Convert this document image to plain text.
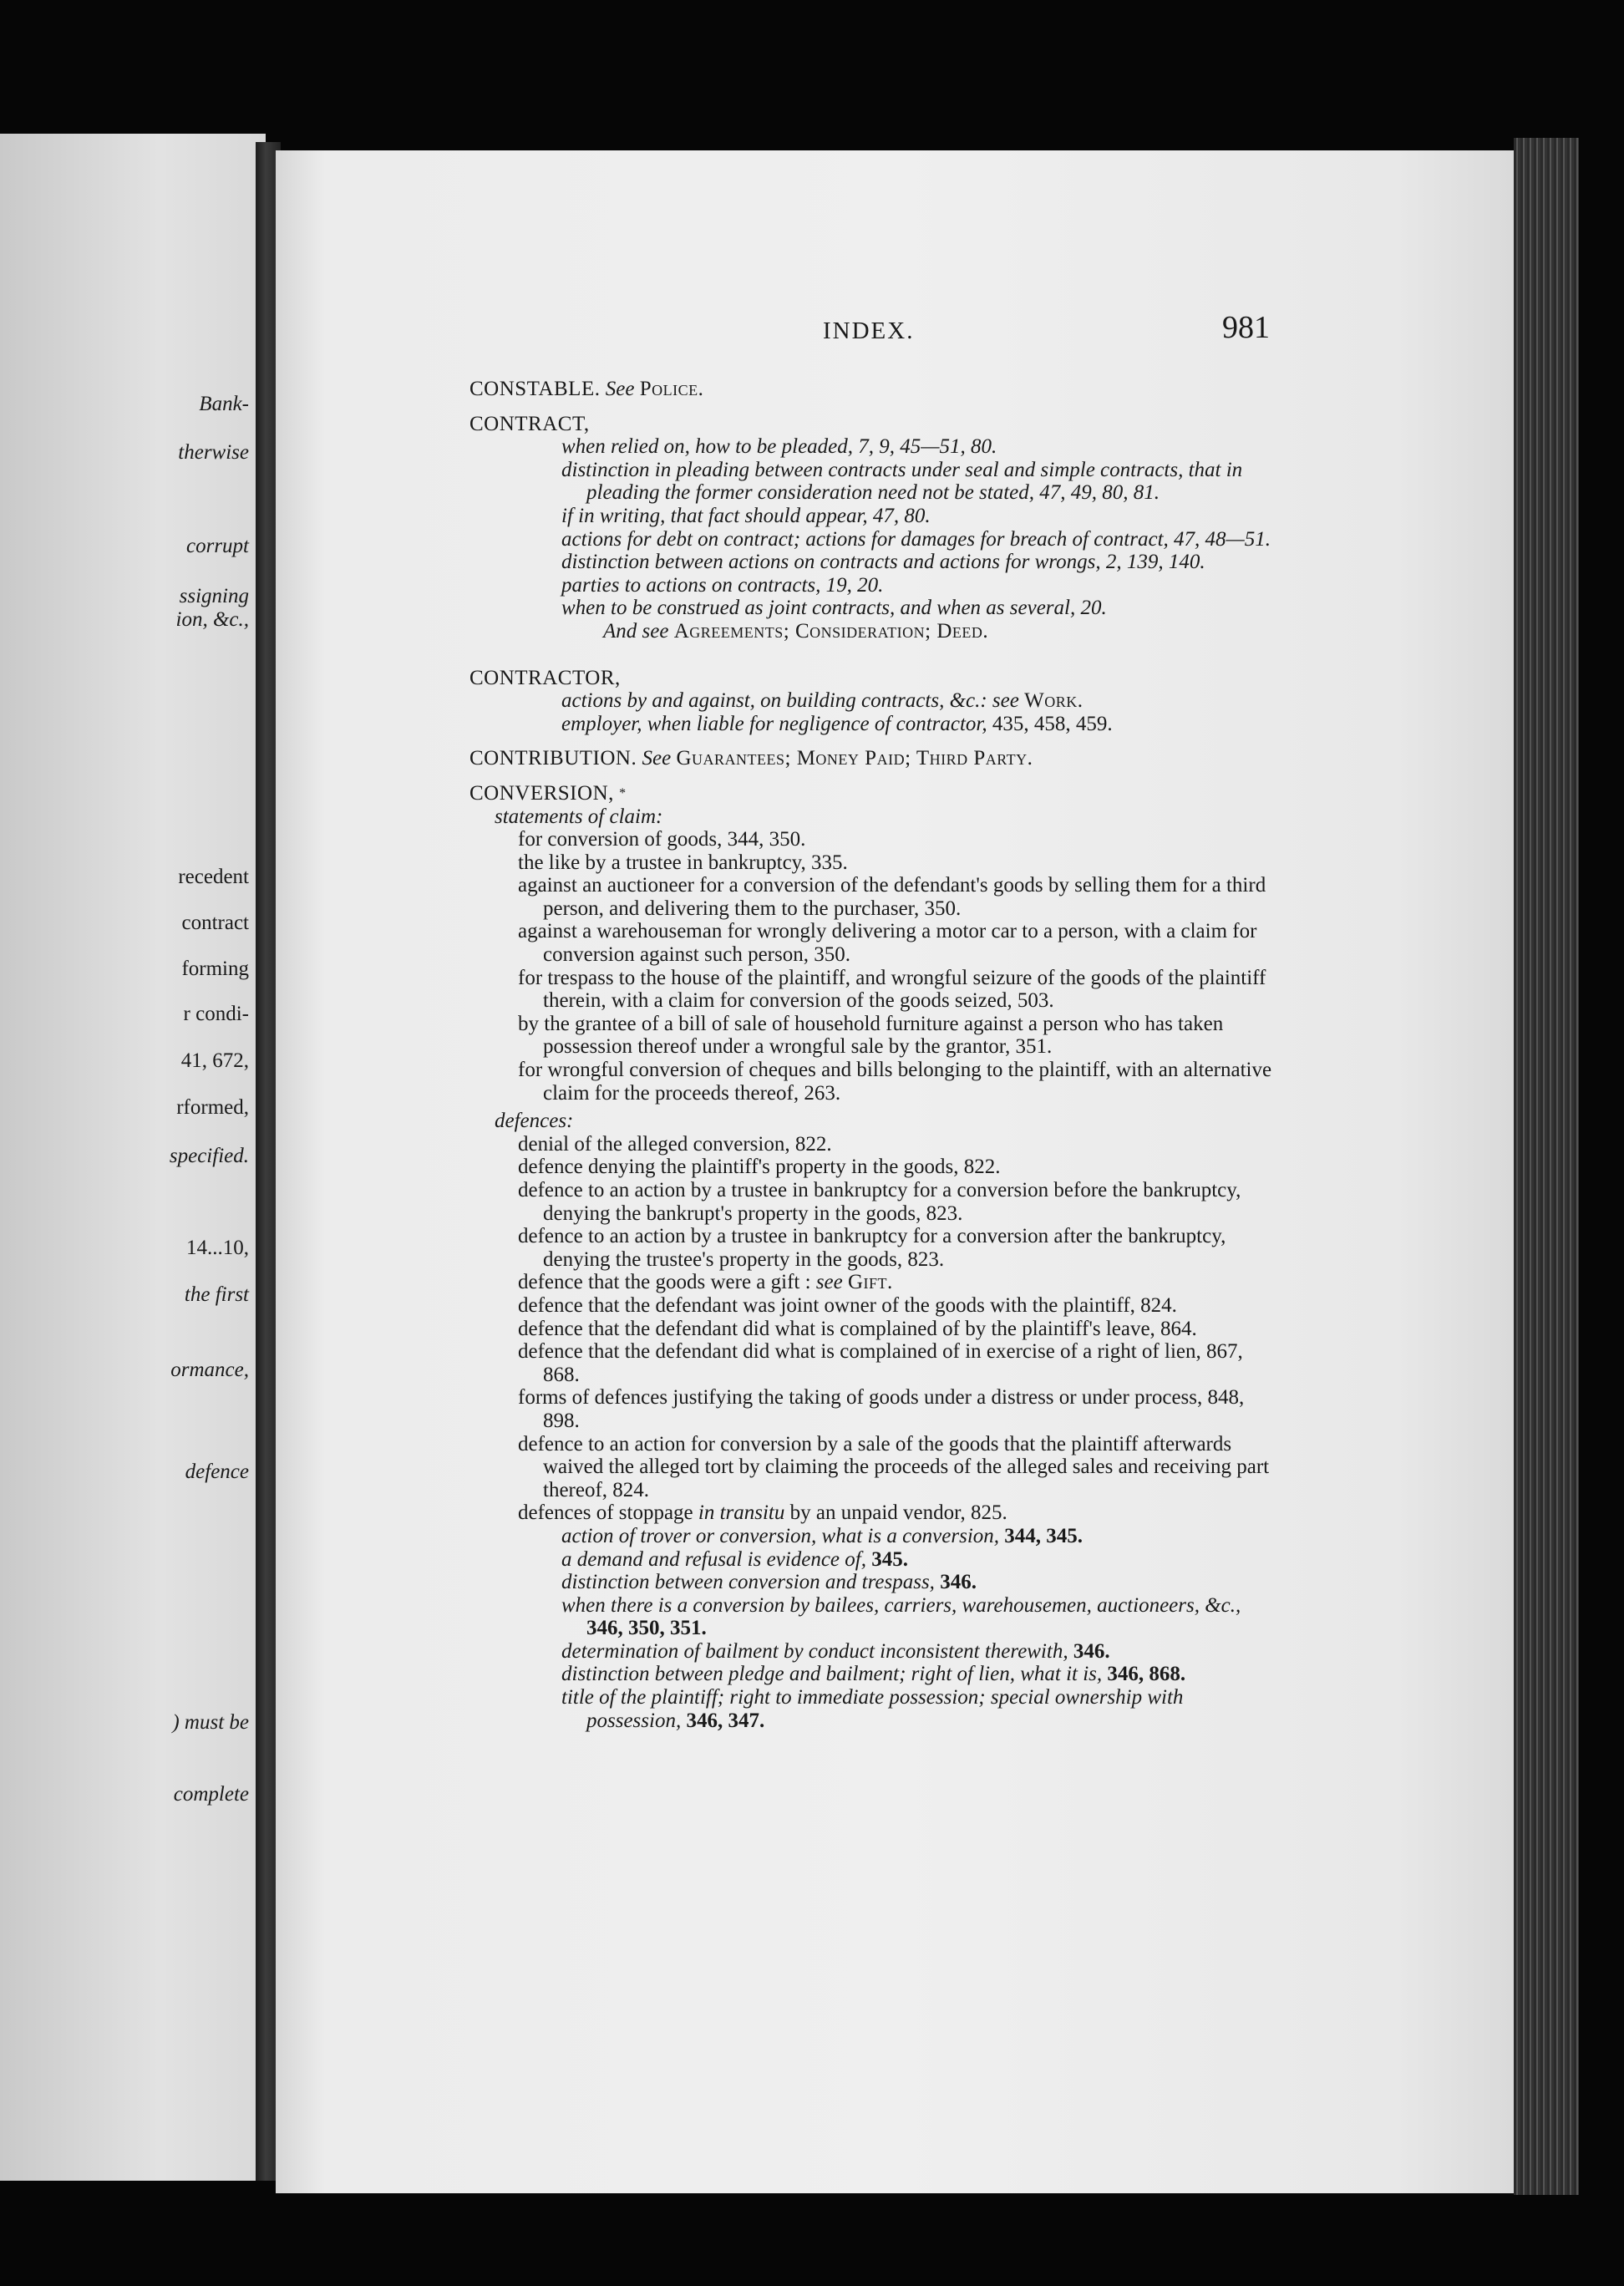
Bank-
therwise
corrupt
ssigning
ion, &c.,
recedent
contract
forming
r condi-
41, 672,
rformed,
specified.
14...10,
the first
ormance,
defence
) must be
complete
INDEX.	981

CONSTABLE. See Police.

CONTRACT,

when relied on, how to be pleaded, 7, 9, 45—51, 80.

distinction in pleading between contracts under seal and simple contracts, that in pleading the former consideration need not be stated, 47, 49, 80, 81.

if in writing, that fact should appear, 47, 80.

actions for debt on contract; actions for damages for breach of contract, 47, 48—51.

distinction between actions on contracts and actions for wrongs, 2, 139, 140.

parties to actions on contracts, 19, 20.

when to be construed as joint contracts, and when as several, 20.

And see Agreements; Consideration; Deed.

CONTRACTOR,

actions by and against, on building contracts, &c.: see Work.

employer, when liable for negligence of contractor, 435, 458, 459.

CONTRIBUTION. See Guarantees; Money Paid; Third Party.

CONVERSION, *

statements of claim:

for conversion of goods, 344, 350.

the like by a trustee in bankruptcy, 335.

against an auctioneer for a conversion of the defendant's goods by selling them for a third person, and delivering them to the purchaser, 350.

against a warehouseman for wrongly delivering a motor car to a person, with a claim for conversion against such person, 350.

for trespass to the house of the plaintiff, and wrongful seizure of the goods of the plaintiff therein, with a claim for conversion of the goods seized, 503.

by the grantee of a bill of sale of household furniture against a person who has taken possession thereof under a wrongful sale by the grantor, 351.

for wrongful conversion of cheques and bills belonging to the plaintiff, with an alternative claim for the proceeds thereof, 263.

defences:

denial of the alleged conversion, 822.

defence denying the plaintiff's property in the goods, 822.

defence to an action by a trustee in bankruptcy for a conversion before the bankruptcy, denying the bankrupt's property in the goods, 823.

defence to an action by a trustee in bankruptcy for a conversion after the bankruptcy, denying the trustee's property in the goods, 823.

defence that the goods were a gift : see Gift.

defence that the defendant was joint owner of the goods with the plaintiff, 824.

defence that the defendant did what is complained of by the plaintiff's leave, 864.

defence that the defendant did what is complained of in exercise of a right of lien, 867, 868.

forms of defences justifying the taking of goods under a distress or under process, 848, 898.

defence to an action for conversion by a sale of the goods that the plaintiff afterwards waived the alleged tort by claiming the proceeds of the alleged sales and receiving part thereof, 824.

defences of stoppage in transitu by an unpaid vendor, 825.

action of trover or conversion, what is a conversion, 344, 345.

a demand and refusal is evidence of, 345.

distinction between conversion and trespass, 346.

when there is a conversion by bailees, carriers, warehousemen, auctioneers, &c., 346, 350, 351.

determination of bailment by conduct inconsistent therewith, 346.

distinction between pledge and bailment; right of lien, what it is, 346, 868.

title of the plaintiff; right to immediate possession; special ownership with possession, 346, 347.
